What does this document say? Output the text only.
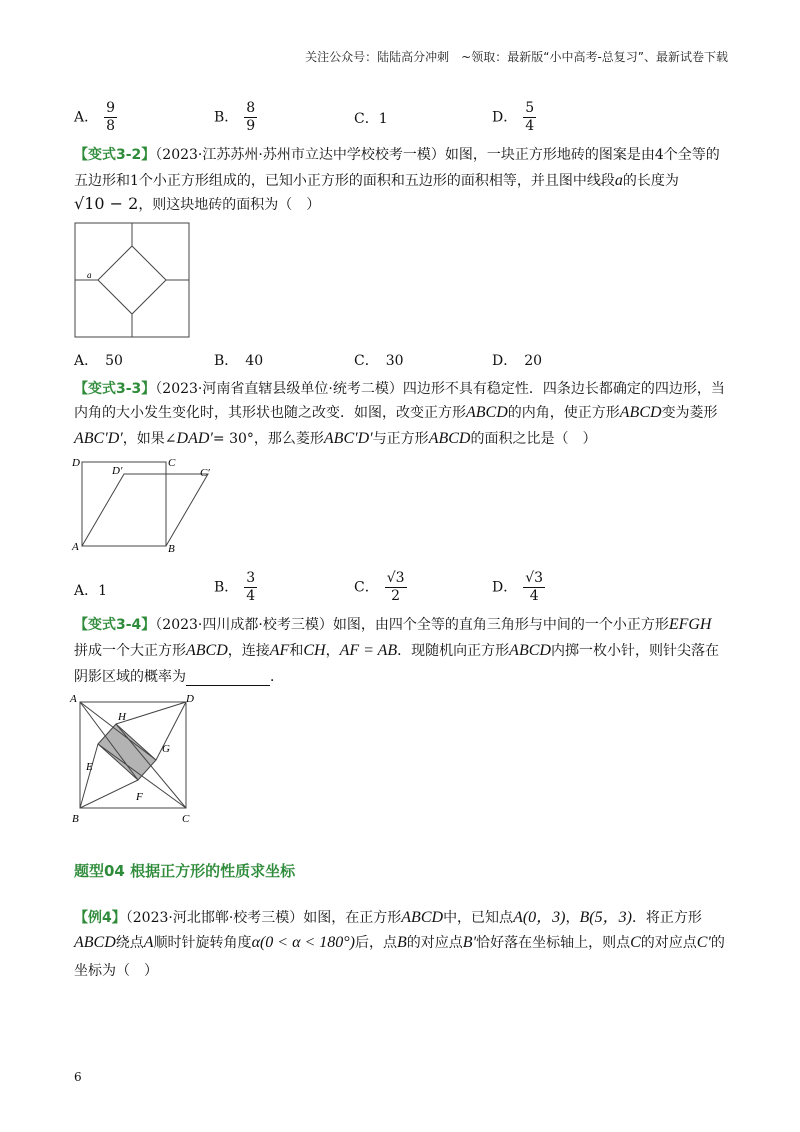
关注公众号：陆陆高分冲刺　~领取：最新版“小中高考-总复习”、最新试卷下载
A． $\frac{9}{8}$	B． $\frac{8}{9}$	C．1	D． $\frac{5}{4}$
【变式3-2】（2023·江苏苏州·苏州市立达中学校校考一模）如图，一块正方形地砖的图案是由4个全等的
五边形和1个小正方形组成的，已知小正方形的面积和五边形的面积相等，并且图中线段a的长度为
√10 − 2，则这块地砖的面积为（　）
a
A．　50	B．　40	C．　30	D．　20
【变式3-3】（2023·河南省直辖县级单位·统考二模）四边形不具有稳定性．四条边长都确定的四边形，当
内角的大小发生变化时，其形状也随之改变．如图，改变正方形ABCD的内角，使正方形ABCD变为菱形
ABC′D′，如果∠DAD′= 30°，那么菱形ABC′D′与正方形ABCD的面积之比是（　）
D
D′
C
C′
A	B
A．1	B． $\frac{3}{4}$	C． $\frac{√3}{2}$	D． $\frac{√3}{4}$
【变式3-4】（2023·四川成都·校考三模）如图，由四个全等的直角三角形与中间的一个小正方形EFGH
拼成一个大正方形ABCD，连接AF和CH，AF = AB．现随机向正方形ABCD内掷一枚小针，则针尖落在
阴影区域的概率为	．
A	D
H
G
E
F
B	C
题型04 根据正方形的性质求坐标
【例4】（2023·河北邯郸·校考三模）如图，在正方形ABCD中，已知点A(0，3)，B(5，3)．将正方形
ABCD绕点A顺时针旋转角度α(0 < α < 180°)后，点B的对应点B′恰好落在坐标轴上，则点C的对应点C′的
坐标为（　）
6
